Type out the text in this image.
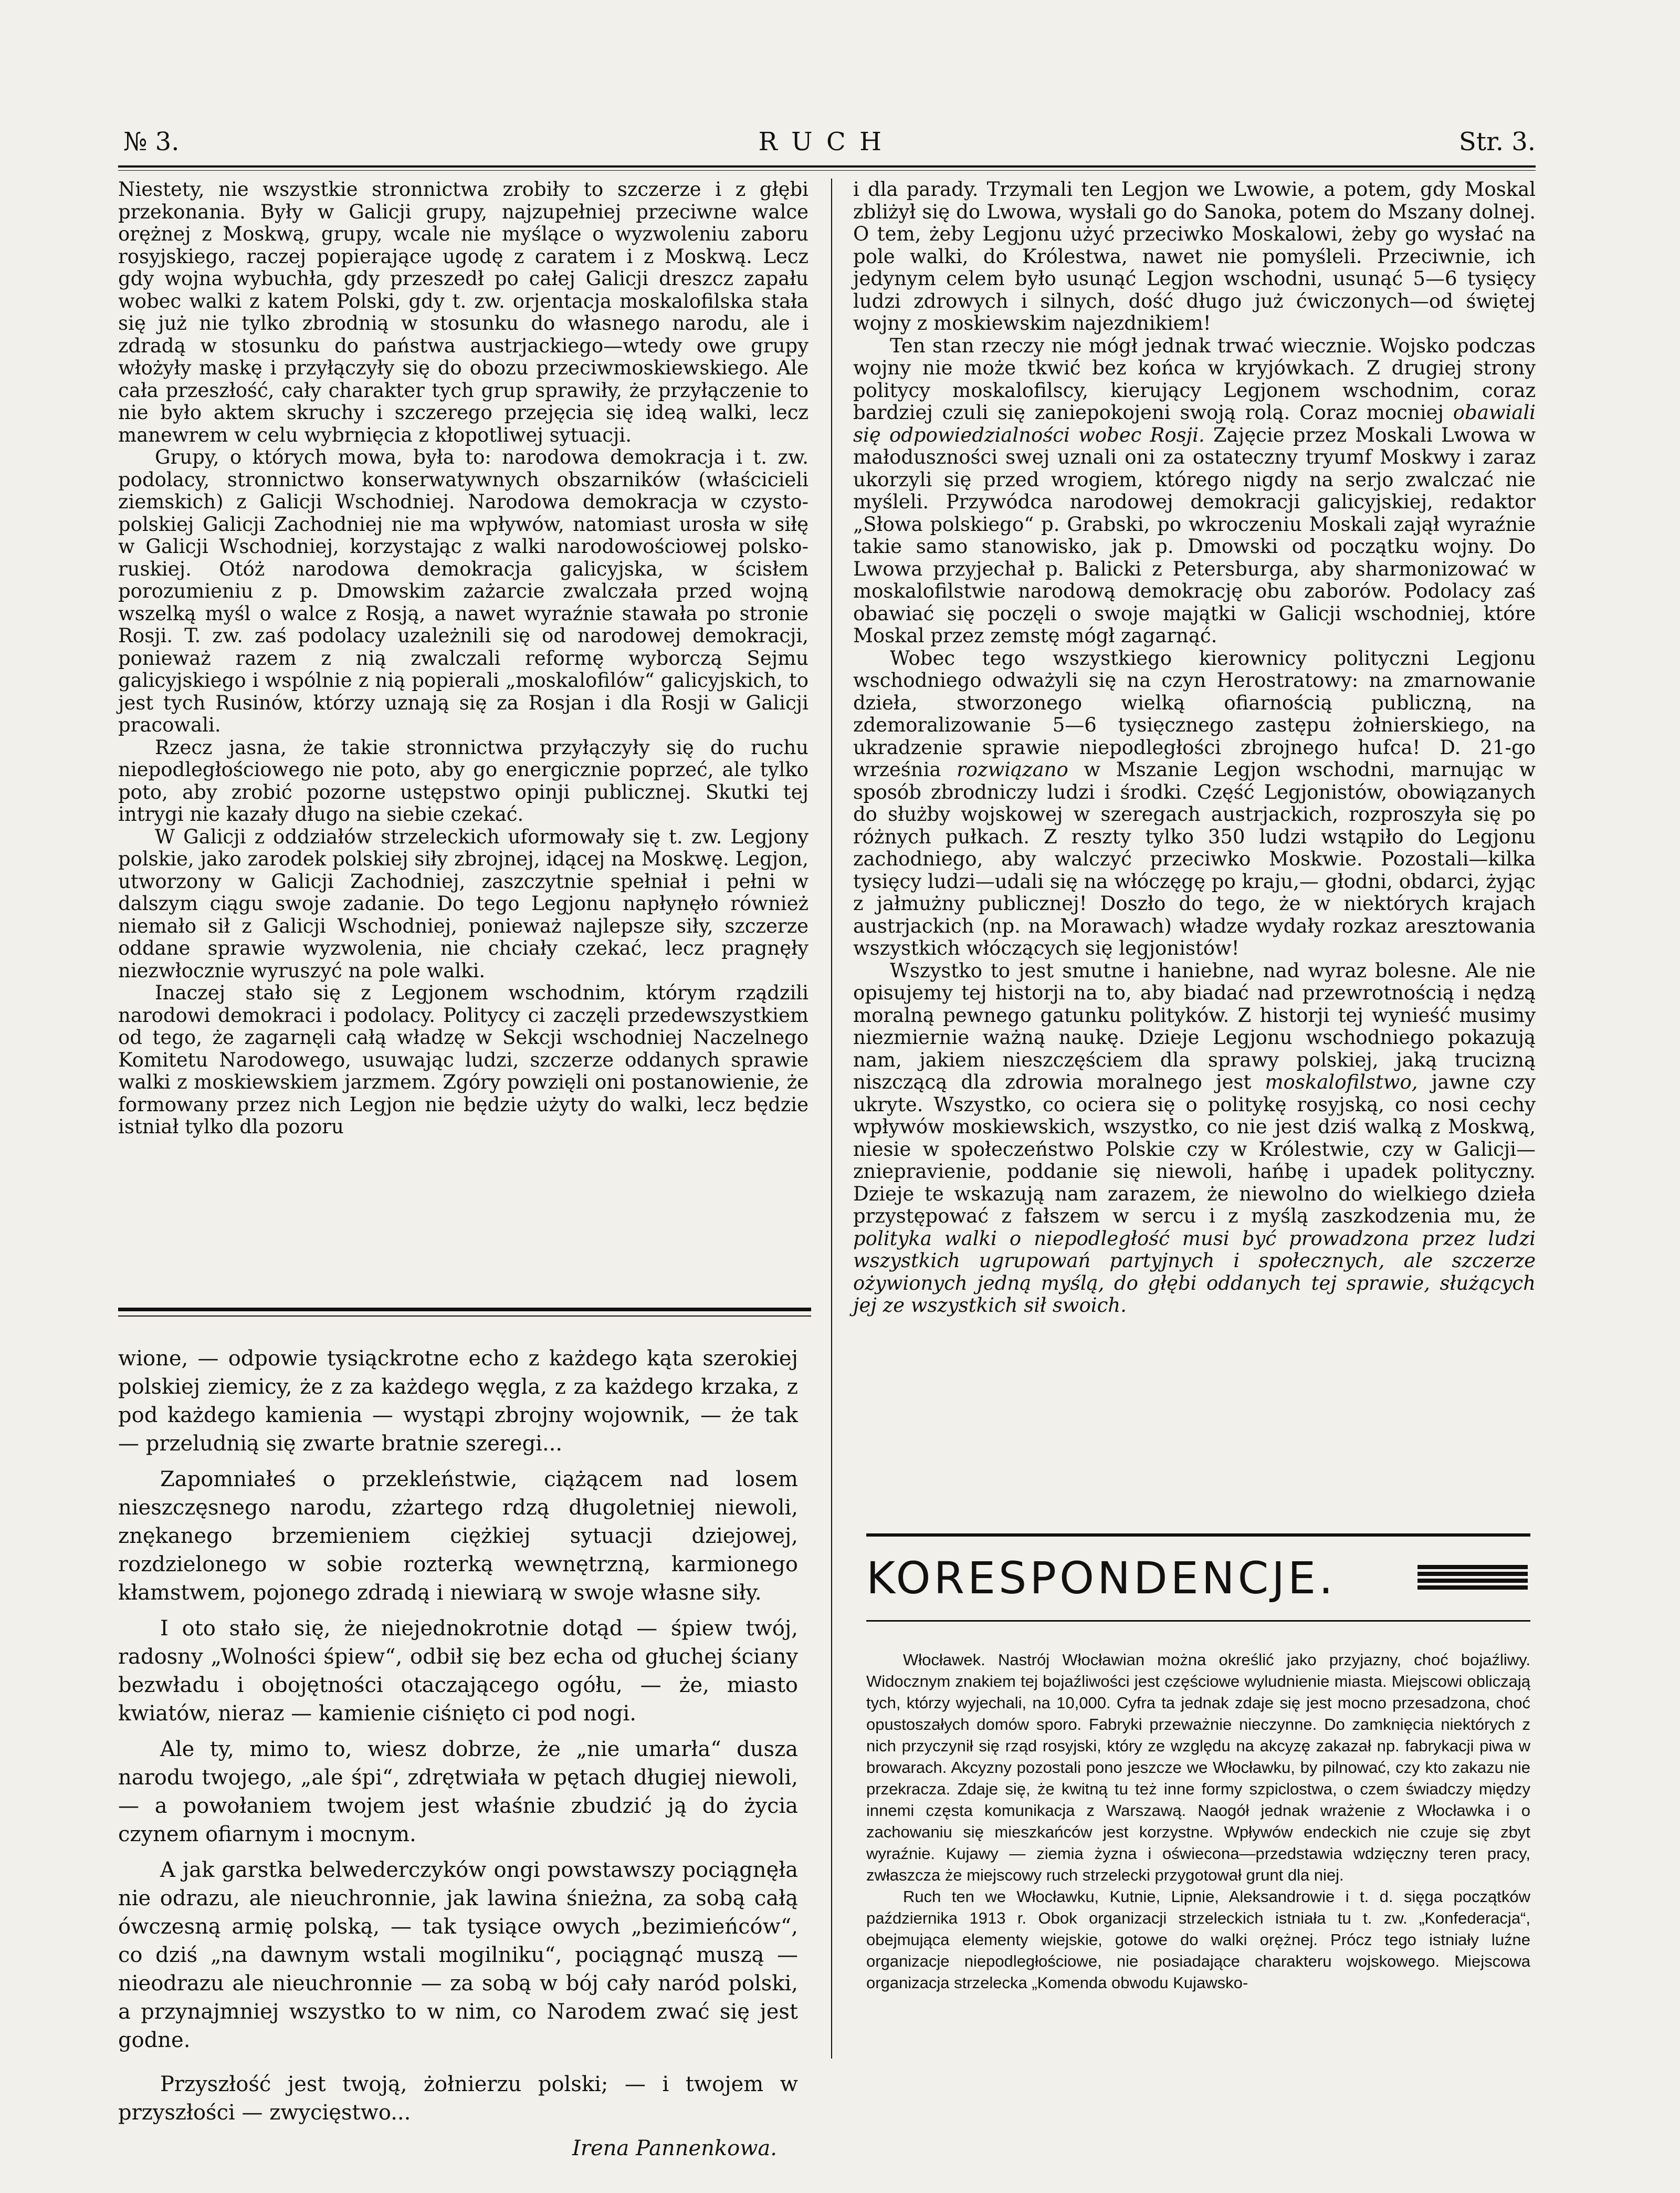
№ 3.	RUCH	Str. 3.

Niestety, nie wszystkie stronnictwa zrobiły to szczerze i z głębi przekonania. Były w Galicji grupy, najzupełniej przeciwne walce orężnej z Moskwą, grupy, wcale nie myślące o wyzwoleniu zaboru rosyjskiego, raczej popierające ugodę z caratem i z Moskwą. Lecz gdy wojna wybuchła, gdy przeszedł po całej Galicji dreszcz zapału wobec walki z katem Polski, gdy t. zw. orjentacja moskalofilska stała się już nie tylko zbrodnią w stosunku do własnego narodu, ale i zdradą w stosunku do państwa austrjackiego—wtedy owe grupy włożyły maskę i przyłączyły się do obozu przeciwmoskiewskiego. Ale cała przeszłość, cały charakter tych grup sprawiły, że przyłączenie to nie było aktem skruchy i szczerego przejęcia się ideą walki, lecz manewrem w celu wybrnięcia z kłopotliwej sytuacji.

Grupy, o których mowa, była to: narodowa demokracja i t. zw. podolacy, stronnictwo konserwatywnych obszarników (właścicieli ziemskich) z Galicji Wschodniej. Narodowa demokracja w czysto-polskiej Galicji Zachodniej nie ma wpływów, natomiast urosła w siłę w Galicji Wschodniej, korzystając z walki narodowościowej polsko-ruskiej. Otóż narodowa demokracja galicyjska, w ścisłem porozumieniu z p. Dmowskim zażarcie zwalczała przed wojną wszelką myśl o walce z Rosją, a nawet wyraźnie stawała po stronie Rosji. T. zw. zaś podolacy uzależnili się od narodowej demokracji, ponieważ razem z nią zwalczali reformę wyborczą Sejmu galicyjskiego i wspólnie z nią popierali „moskalofilów“ galicyjskich, to jest tych Rusinów, którzy uznają się za Rosjan i dla Rosji w Galicji pracowali.

Rzecz jasna, że takie stronnictwa przyłączyły się do ruchu niepodległościowego nie poto, aby go energicznie poprzeć, ale tylko poto, aby zrobić pozorne ustępstwo opinji publicznej. Skutki tej intrygi nie kazały długo na siebie czekać.

W Galicji z oddziałów strzeleckich uformowały się t. zw. Legjony polskie, jako zarodek polskiej siły zbrojnej, idącej na Moskwę. Legjon, utworzony w Galicji Zachodniej, zaszczytnie spełniał i pełni w dalszym ciągu swoje zadanie. Do tego Legjonu napłynęło również niemało sił z Galicji Wschodniej, ponieważ najlepsze siły, szczerze oddane sprawie wyzwolenia, nie chciały czekać, lecz pragnęły niezwłocznie wyruszyć na pole walki.

Inaczej stało się z Legjonem wschodnim, którym rządzili narodowi demokraci i podolacy. Politycy ci zaczęli przedewszystkiem od tego, że zagarnęli całą władzę w Sekcji wschodniej Naczelnego Komitetu Narodowego, usuwając ludzi, szczerze oddanych sprawie walki z moskiewskiem jarzmem. Zgóry powzięli oni postanowienie, że formowany przez nich Legjon nie będzie użyty do walki, lecz będzie istniał tylko dla pozoru

i dla parady. Trzymali ten Legjon we Lwowie, a potem, gdy Moskal zbliżył się do Lwowa, wysłali go do Sanoka, potem do Mszany dolnej. O tem, żeby Legjonu użyć przeciwko Moskalowi, żeby go wysłać na pole walki, do Królestwa, nawet nie pomyśleli. Przeciwnie, ich jedynym celem było usunąć Legjon wschodni, usunąć 5—6 tysięcy ludzi zdrowych i silnych, dość długo już ćwiczonych—od świętej wojny z moskiewskim najezdnikiem!

Ten stan rzeczy nie mógł jednak trwać wiecznie. Wojsko podczas wojny nie może tkwić bez końca w kryjówkach. Z drugiej strony politycy moskalofilscy, kierujący Legjonem wschodnim, coraz bardziej czuli się zaniepokojeni swoją rolą. Coraz mocniej obawiali się odpowiedzialności wobec Rosji. Zajęcie przez Moskali Lwowa w małoduszności swej uznali oni za ostateczny tryumf Moskwy i zaraz ukorzyli się przed wrogiem, którego nigdy na serjo zwalczać nie myśleli. Przywódca narodowej demokracji galicyjskiej, redaktor „Słowa polskiego“ p. Grabski, po wkroczeniu Moskali zajął wyraźnie takie samo stanowisko, jak p. Dmowski od początku wojny. Do Lwowa przyjechał p. Balicki z Petersburga, aby sharmonizować w moskalofilstwie narodową demokrację obu zaborów. Podolacy zaś obawiać się poczęli o swoje majątki w Galicji wschodniej, które Moskal przez zemstę mógł zagarnąć.

Wobec tego wszystkiego kierownicy polityczni Legjonu wschodniego odważyli się na czyn Herostratowy: na zmarnowanie dzieła, stworzonego wielką ofiarnością publiczną, na zdemoralizowanie 5—6 tysięcznego zastępu żołnierskiego, na ukradzenie sprawie niepodległości zbrojnego hufca! D. 21-go września rozwiązano w Mszanie Legjon wschodni, marnując w sposób zbrodniczy ludzi i środki. Część Legjonistów, obowiązanych do służby wojskowej w szeregach austrjackich, rozproszyła się po różnych pułkach. Z reszty tylko 350 ludzi wstąpiło do Legjonu zachodniego, aby walczyć przeciwko Moskwie. Pozostali—kilka tysięcy ludzi—udali się na włóczęgę po kraju,— głodni, obdarci, żyjąc z jałmużny publicznej! Doszło do tego, że w niektórych krajach austrjackich (np. na Morawach) władze wydały rozkaz aresztowania wszystkich włóczących się legjonistów!

Wszystko to jest smutne i haniebne, nad wyraz bolesne. Ale nie opisujemy tej historji na to, aby biadać nad przewrotnością i nędzą moralną pewnego gatunku polityków. Z historji tej wynieść musimy niezmiernie ważną naukę. Dzieje Legjonu wschodniego pokazują nam, jakiem nieszczęściem dla sprawy polskiej, jaką trucizną niszczącą dla zdrowia moralnego jest moskalofilstwo, jawne czy ukryte. Wszystko, co ociera się o politykę rosyjską, co nosi cechy wpływów moskiewskich, wszystko, co nie jest dziś walką z Moskwą, niesie w społeczeństwo Polskie czy w Królestwie, czy w Galicji—zniepravienie, poddanie się niewoli, hańbę i upadek polityczny. Dzieje te wskazują nam zarazem, że niewolno do wielkiego dzieła przystępować z fałszem w sercu i z myślą zaszkodzenia mu, że polityka walki o niepodległość musi być prowadzona przez ludzi wszystkich ugrupowań partyjnych i społecznych, ale szczerze ożywionych jedną myślą, do głębi oddanych tej sprawie, służących jej ze wszystkich sił swoich.

wione, — odpowie tysiąckrotne echo z każdego kąta szerokiej polskiej ziemicy, że z za każdego węgla, z za każdego krzaka, z pod każdego kamienia — wystąpi zbrojny wojownik, — że tak — przeludnią się zwarte bratnie szeregi...

Zapomniałeś o przekleństwie, ciążącem nad losem nieszczęsnego narodu, zżartego rdzą długoletniej niewoli, znękanego brzemieniem ciężkiej sytuacji dziejowej, rozdzielonego w sobie rozterką wewnętrzną, karmionego kłamstwem, pojonego zdradą i niewiarą w swoje własne siły.

I oto stało się, że niejednokrotnie dotąd — śpiew twój, radosny „Wolności śpiew“, odbił się bez echa od głuchej ściany bezwładu i obojętności otaczającego ogółu, — że, miasto kwiatów, nieraz — kamienie ciśnięto ci pod nogi.

Ale ty, mimo to, wiesz dobrze, że „nie umarła“ dusza narodu twojego, „ale śpi“, zdrętwiała w pętach długiej niewoli, — a powołaniem twojem jest właśnie zbudzić ją do życia czynem ofiarnym i mocnym.

A jak garstka belwederczyków ongi powstawszy pociągnęła nie odrazu, ale nieuchronnie, jak lawina śnieżna, za sobą całą ówczesną armię polską, — tak tysiące owych „bezimieńców“, co dziś „na dawnym wstali mogilniku“, pociągnąć muszą — nieodrazu ale nieuchronnie — za sobą w bój cały naród polski, a przynajmniej wszystko to w nim, co Narodem zwać się jest godne.

Przyszłość jest twoją, żołnierzu polski; — i twojem w przyszłości — zwycięstwo...

Irena Pannenkowa.
KORESPONDENCJE.

Włocławek. Nastrój Włocławian można określić jako przyjazny, choć bojaźliwy. Widocznym znakiem tej bojaźliwości jest częściowe wyludnienie miasta. Miejscowi obliczają tych, którzy wyjechali, na 10,000. Cyfra ta jednak zdaje się jest mocno przesadzona, choć opustoszałych domów sporo. Fabryki przeważnie nieczynne. Do zamknięcia niektórych z nich przyczynił się rząd rosyjski, który ze względu na akcyzę zakazał np. fabrykacji piwa w browarach. Akcyzny pozostali pono jeszcze we Włocławku, by pilnować, czy kto zakazu nie przekracza. Zdaje się, że kwitną tu też inne formy szpiclostwa, o czem świadczy między innemi częsta komunikacja z Warszawą. Naogół jednak wrażenie z Włocławka i o zachowaniu się mieszkańców jest korzystne. Wpływów endeckich nie czuje się zbyt wyraźnie. Kujawy — ziemia żyzna i oświecona—przedstawia wdzięczny teren pracy, zwłaszcza że miejscowy ruch strzelecki przygotował grunt dla niej.

Ruch ten we Włocławku, Kutnie, Lipnie, Aleksandrowie i t. d. sięga początków października 1913 r. Obok organizacji strzeleckich istniała tu t. zw. „Konfederacja“, obejmująca elementy wiejskie, gotowe do walki orężnej. Prócz tego istniały luźne organizacje niepodległościowe, nie posiadające charakteru wojskowego. Miejscowa organizacja strzelecka „Komenda obwodu Kujawsko-
